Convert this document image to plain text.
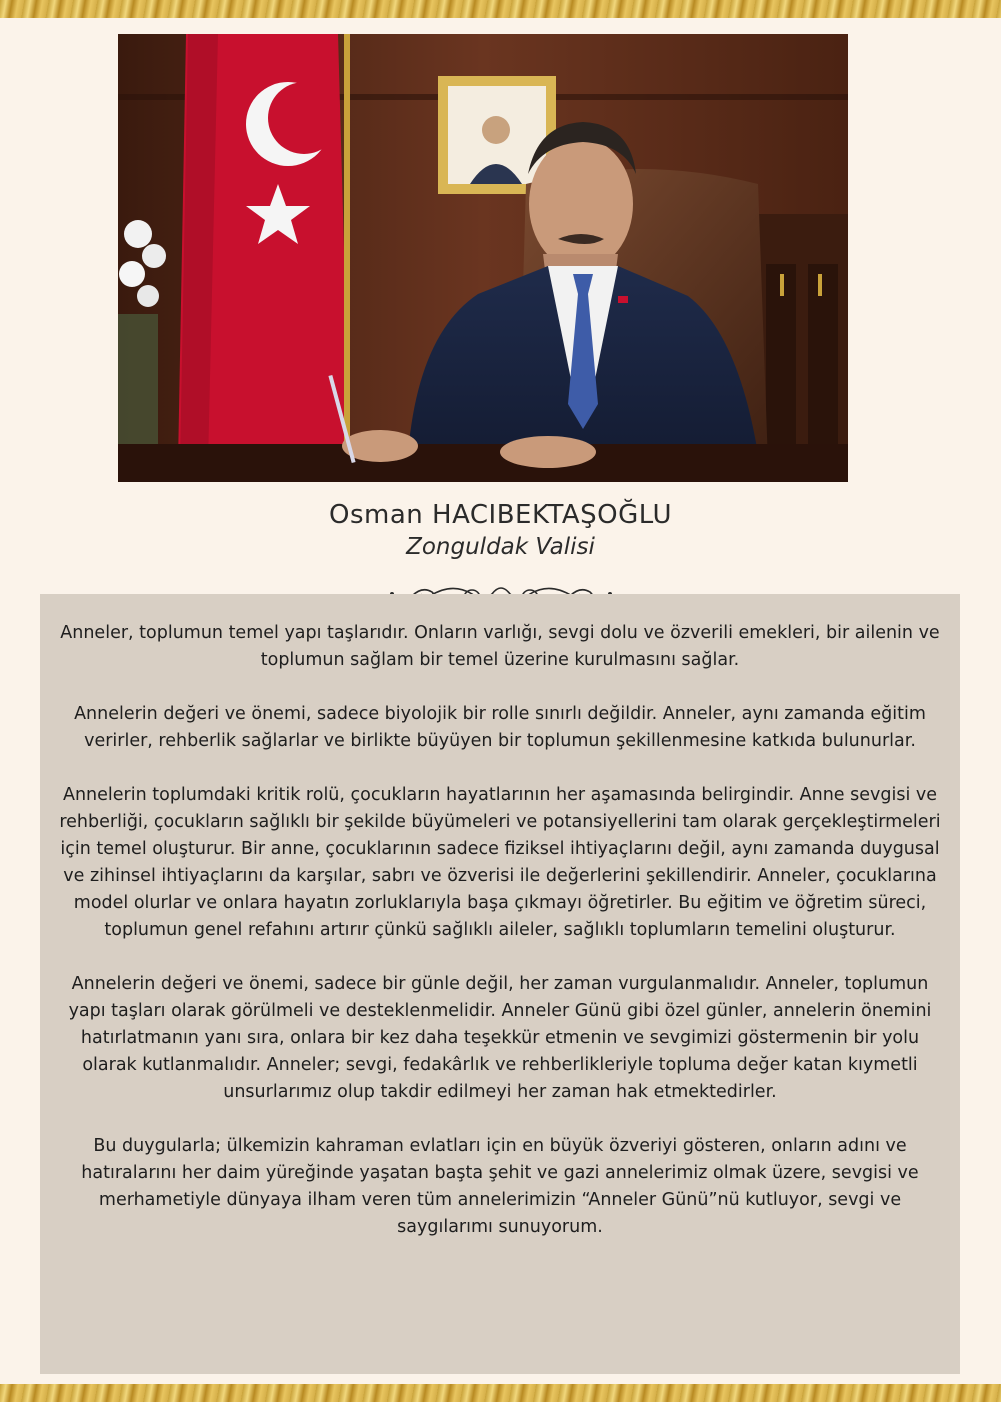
Osman HACIBEKTAŞOĞLU
Zonguldak Valisi

Anneler, toplumun temel yapı taşlarıdır. Onların varlığı, sevgi dolu ve özverili emekleri, bir ailenin ve toplumun sağlam bir temel üzerine kurulmasını sağlar.

Annelerin değeri ve önemi, sadece biyolojik bir rolle sınırlı değildir. Anneler, aynı zamanda eğitim verirler, rehberlik sağlarlar ve birlikte büyüyen bir toplumun şekillenmesine katkıda bulunurlar.

Annelerin toplumdaki kritik rolü, çocukların hayatlarının her aşamasında belirgindir. Anne sevgisi ve rehberliği, çocukların sağlıklı bir şekilde büyümeleri ve potansiyellerini tam olarak gerçekleştirmeleri için temel oluşturur. Bir anne, çocuklarının sadece fiziksel ihtiyaçlarını değil, aynı zamanda duygusal ve zihinsel ihtiyaçlarını da karşılar, sabrı ve özverisi ile değerlerini şekillendirir. Anneler, çocuklarına model olurlar ve onlara hayatın zorluklarıyla başa çıkmayı öğretirler. Bu eğitim ve öğretim süreci, toplumun genel refahını artırır çünkü sağlıklı aileler, sağlıklı toplumların temelini oluşturur.

Annelerin değeri ve önemi, sadece bir günle değil, her zaman vurgulanmalıdır. Anneler, toplumun yapı taşları olarak görülmeli ve desteklenmelidir. Anneler Günü gibi özel günler, annelerin önemini hatırlatmanın yanı sıra, onlara bir kez daha teşekkür etmenin ve sevgimizi göstermenin bir yolu olarak kutlanmalıdır. Anneler; sevgi, fedakârlık ve rehberlikleriyle topluma değer katan kıymetli unsurlarımız olup takdir edilmeyi her zaman hak etmektedirler.

Bu duygularla; ülkemizin kahraman evlatları için en büyük özveriyi gösteren, onların adını ve hatıralarını her daim yüreğinde yaşatan başta şehit ve gazi annelerimiz olmak üzere, sevgisi ve merhametiyle dünyaya ilham veren tüm annelerimizin “Anneler Günü”nü kutluyor, sevgi ve saygılarımı sunuyorum.
